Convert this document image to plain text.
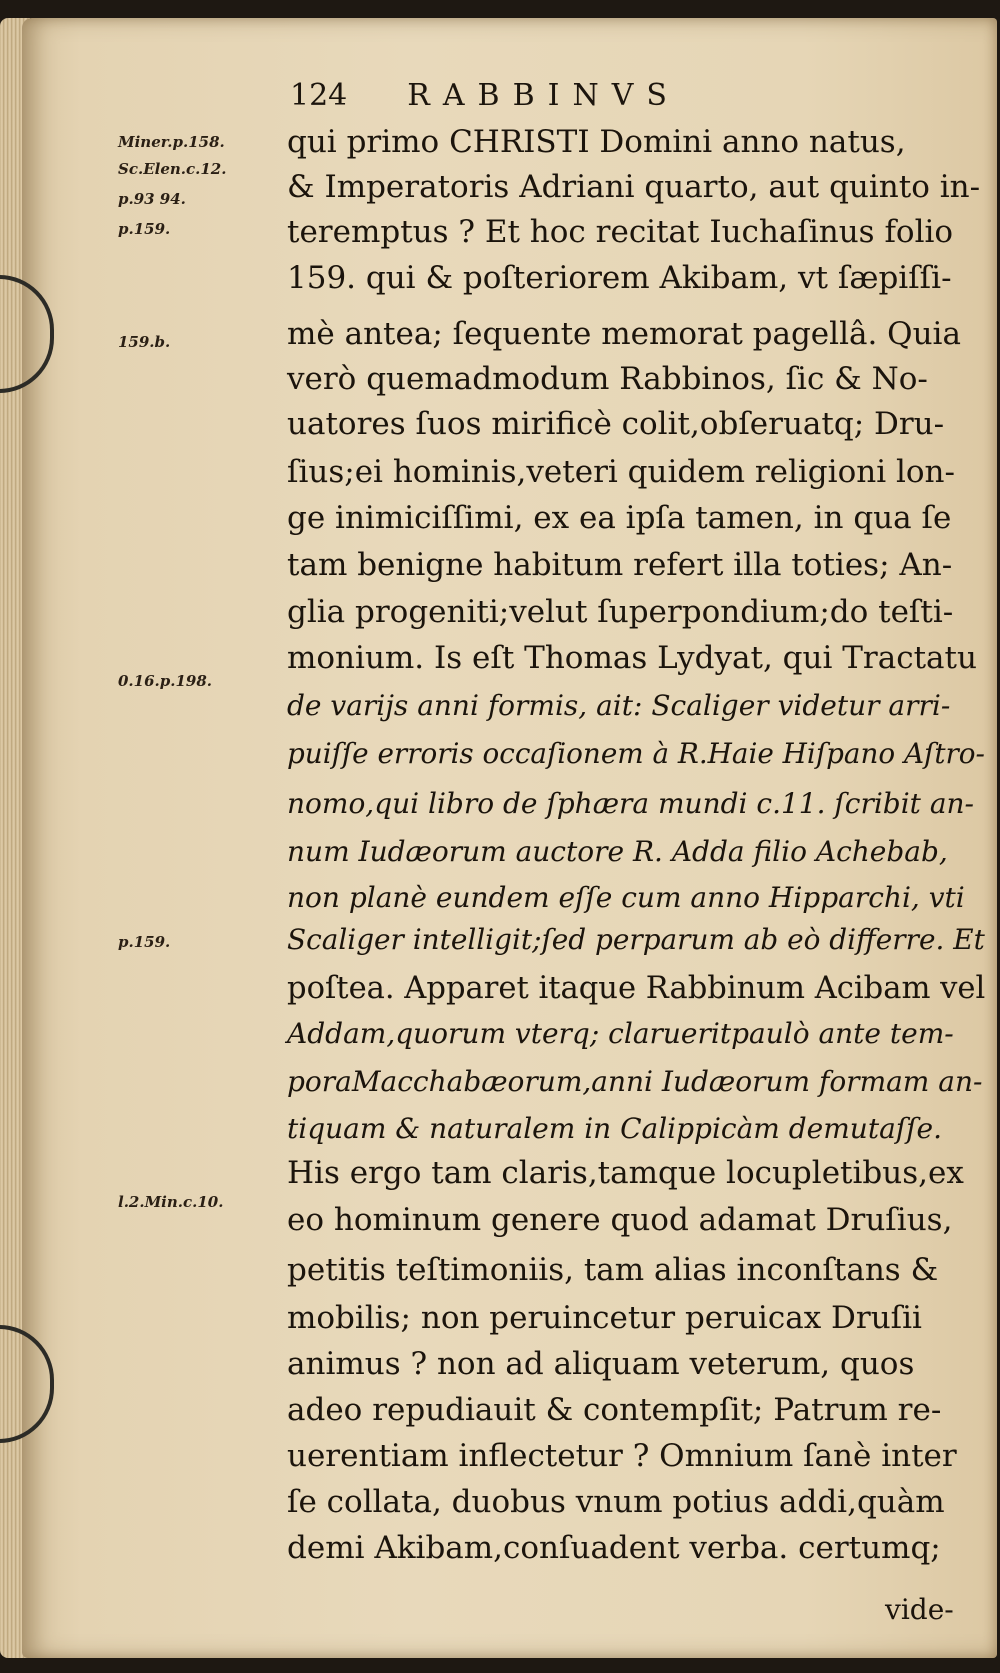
124 RABBINVS
Miner.p.158.
Sc.Elen.c.12.
p.93 94.
p.159.
159.b.
0.16.p.198.
p.159.
l.2.Min.c.10.
qui primo CHRISTI Domini anno natus,
& Imperatoris Adriani quarto, aut quinto in-
teremptus ? Et hoc recitat Iuchaſinus folio
159. qui & poſteriorem Akibam, vt ſæpiſſi-
mè antea; ſequente memorat pagellâ. Quia
verò quemadmodum Rabbinos, ſic & No-
uatores ſuos mirificè colit,obſeruatq; Dru-
ſius;ei hominis,veteri quidem religioni lon-
ge inimiciſſimi, ex ea ipſa tamen, in qua ſe
tam benigne habitum refert illa toties; An-
glia progeniti;velut ſuperpondium;do teſti-
monium. Is eſt Thomas Lydyat, qui Tractatu
de varijs anni formis, ait: Scaliger videtur arri-
puiſſe erroris occaſionem à R.Haie Hiſpano Aſtro-
nomo,qui libro de ſphæra mundi c.11. ſcribit an-
num Iudæorum auctore R. Adda filio Achebab,
non planè eundem eſſe cum anno Hipparchi, vti
Scaliger intelligit;ſed perparum ab eò differre. Et
poſtea. Apparet itaque Rabbinum Acibam vel
Addam,quorum vterq; clarueritpaulò ante tem-
poraMacchabæorum,anni Iudæorum formam an-
tiquam & naturalem in Calippicàm demutaſſe.
His ergo tam claris,tamque locupletibus,ex
eo hominum genere quod adamat Druſius,
petitis teſtimoniis, tam alias inconſtans &
mobilis; non peruincetur peruicax Druſii
animus ? non ad aliquam veterum, quos
adeo repudiauit & contempſit; Patrum re-
uerentiam inflectetur ? Omnium ſanè inter
ſe collata, duobus vnum potius addi,quàm
demi Akibam,conſuadent verba. certumq;
vide-
